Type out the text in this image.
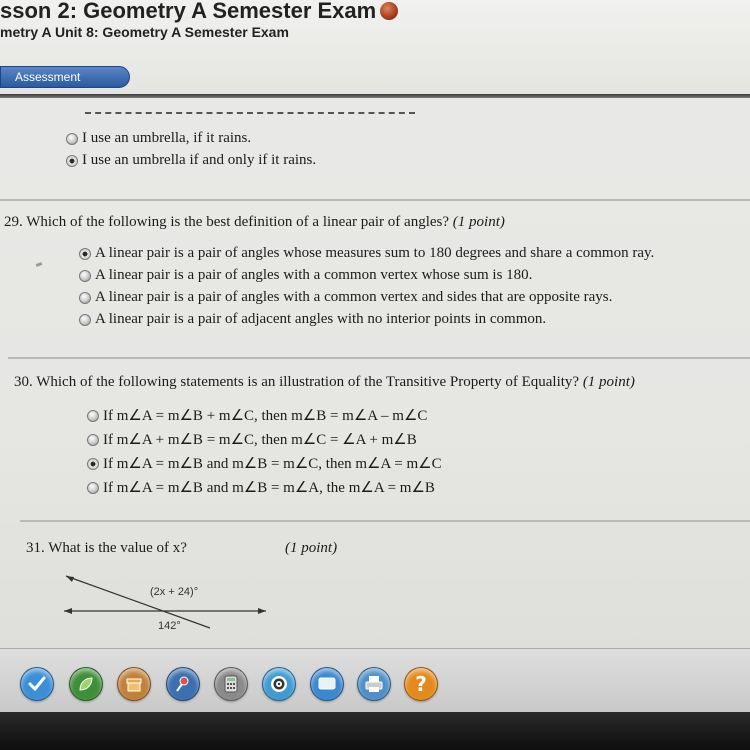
sson 2: Geometry A Semester Exam
metry A Unit 8: Geometry A Semester Exam
Assessment
I use an umbrella, if it rains.
I use an umbrella if and only if it rains.
29. Which of the following is the best definition of a linear pair of angles? (1 point)
A linear pair is a pair of angles whose measures sum to 180 degrees and share a common ray.
A linear pair is a pair of angles with a common vertex whose sum is 180.
A linear pair is a pair of angles with a common vertex and sides that are opposite rays.
A linear pair is a pair of adjacent angles with no interior points in common.
30. Which of the following statements is an illustration of the Transitive Property of Equality? (1 point)
If m∠A = m∠B + m∠C, then m∠B = m∠A – m∠C
If m∠A + m∠B = m∠C, then m∠C = ∠A + m∠B
If m∠A = m∠B and m∠B = m∠C, then m∠A = m∠C
If m∠A = m∠B and m∠B = m∠A, the m∠A = m∠B
31. What is the value of x?	(1 point)
(2x + 24)°
142°
?
